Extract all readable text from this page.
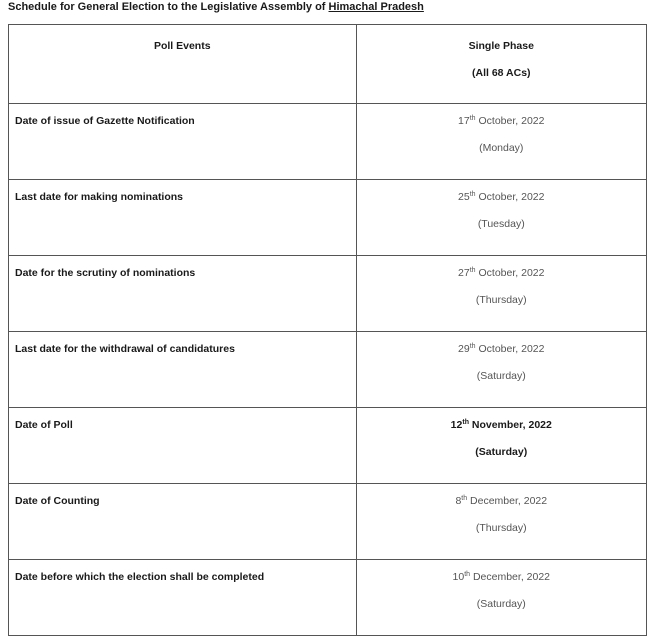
Schedule for General Election to the Legislative Assembly of Himachal Pradesh
Poll Events	Single Phase
(All 68 ACs)

Date of issue of Gazette Notification	17th October, 2022
(Monday)

Last date for making nominations	25th October, 2022
(Tuesday)

Date for the scrutiny of nominations	27th October, 2022
(Thursday)

Last date for the withdrawal of candidatures	29th October, 2022
(Saturday)

Date of Poll	12th November, 2022
(Saturday)

Date of Counting	8th December, 2022
(Thursday)

Date before which the election shall be completed	10th December, 2022
(Saturday)
